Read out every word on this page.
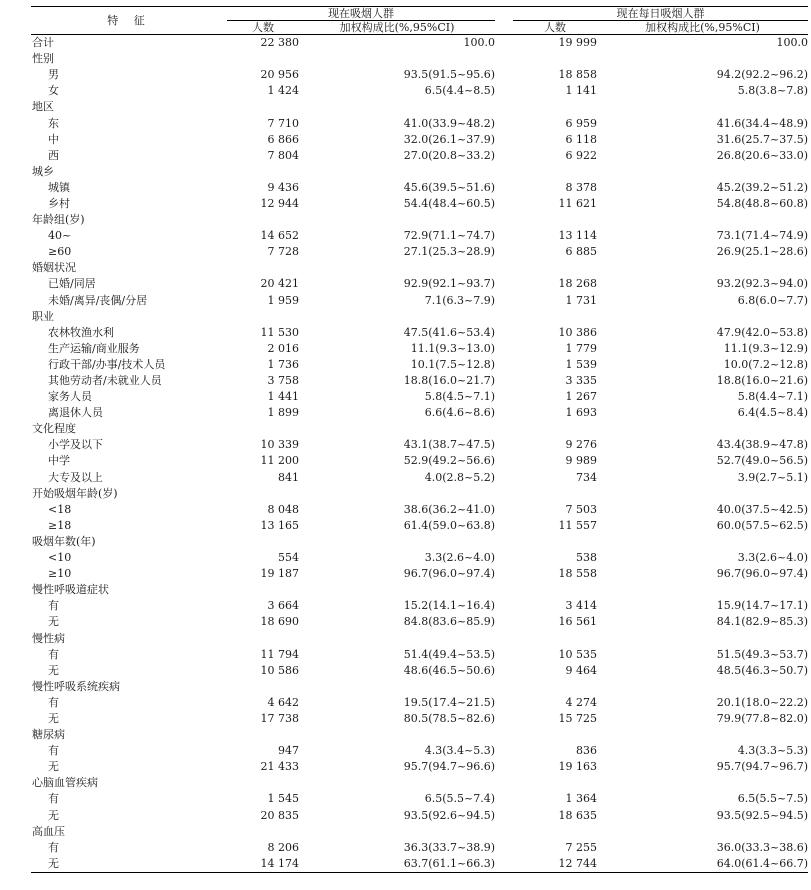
特 征	现在吸烟人群			现在每日吸烟人群	
	人数	加权构成比(%,95%CI)		人数	加权构成比(%,95%CI)
合计	22 380	100.0		19 999	100.0
性别					
男	20 956	93.5(91.5~95.6)		18 858	94.2(92.2~96.2)
女	1 424	6.5(4.4~8.5)		1 141	5.8(3.8~7.8)
地区					
东	7 710	41.0(33.9~48.2)		6 959	41.6(34.4~48.9)
中	6 866	32.0(26.1~37.9)		6 118	31.6(25.7~37.5)
西	7 804	27.0(20.8~33.2)		6 922	26.8(20.6~33.0)
城乡					
城镇	9 436	45.6(39.5~51.6)		8 378	45.2(39.2~51.2)
乡村	12 944	54.4(48.4~60.5)		11 621	54.8(48.8~60.8)
年龄组(岁)					
40~	14 652	72.9(71.1~74.7)		13 114	73.1(71.4~74.9)
≥60	7 728	27.1(25.3~28.9)		6 885	26.9(25.1~28.6)
婚姻状况					
已婚/同居	20 421	92.9(92.1~93.7)		18 268	93.2(92.3~94.0)
未婚/离异/丧偶/分居	1 959	7.1(6.3~7.9)		1 731	6.8(6.0~7.7)
职业					
农林牧渔水利	11 530	47.5(41.6~53.4)		10 386	47.9(42.0~53.8)
生产运输/商业服务	2 016	11.1(9.3~13.0)		1 779	11.1(9.3~12.9)
行政干部/办事/技术人员	1 736	10.1(7.5~12.8)		1 539	10.0(7.2~12.8)
其他劳动者/未就业人员	3 758	18.8(16.0~21.7)		3 335	18.8(16.0~21.6)
家务人员	1 441	5.8(4.5~7.1)		1 267	5.8(4.4~7.1)
离退休人员	1 899	6.6(4.6~8.6)		1 693	6.4(4.5~8.4)
文化程度					
小学及以下	10 339	43.1(38.7~47.5)		9 276	43.4(38.9~47.8)
中学	11 200	52.9(49.2~56.6)		9 989	52.7(49.0~56.5)
大专及以上	841	4.0(2.8~5.2)		734	3.9(2.7~5.1)
开始吸烟年龄(岁)					
<18	8 048	38.6(36.2~41.0)		7 503	40.0(37.5~42.5)
≥18	13 165	61.4(59.0~63.8)		11 557	60.0(57.5~62.5)
吸烟年数(年)					
<10	554	3.3(2.6~4.0)		538	3.3(2.6~4.0)
≥10	19 187	96.7(96.0~97.4)		18 558	96.7(96.0~97.4)
慢性呼吸道症状					
有	3 664	15.2(14.1~16.4)		3 414	15.9(14.7~17.1)
无	18 690	84.8(83.6~85.9)		16 561	84.1(82.9~85.3)
慢性病					
有	11 794	51.4(49.4~53.5)		10 535	51.5(49.3~53.7)
无	10 586	48.6(46.5~50.6)		9 464	48.5(46.3~50.7)
慢性呼吸系统疾病					
有	4 642	19.5(17.4~21.5)		4 274	20.1(18.0~22.2)
无	17 738	80.5(78.5~82.6)		15 725	79.9(77.8~82.0)
糖尿病					
有	947	4.3(3.4~5.3)		836	4.3(3.3~5.3)
无	21 433	95.7(94.7~96.6)		19 163	95.7(94.7~96.7)
心脑血管疾病					
有	1 545	6.5(5.5~7.4)		1 364	6.5(5.5~7.5)
无	20 835	93.5(92.6~94.5)		18 635	93.5(92.5~94.5)
高血压					
有	8 206	36.3(33.7~38.9)		7 255	36.0(33.3~38.6)
无	14 174	63.7(61.1~66.3)		12 744	64.0(61.4~66.7)
